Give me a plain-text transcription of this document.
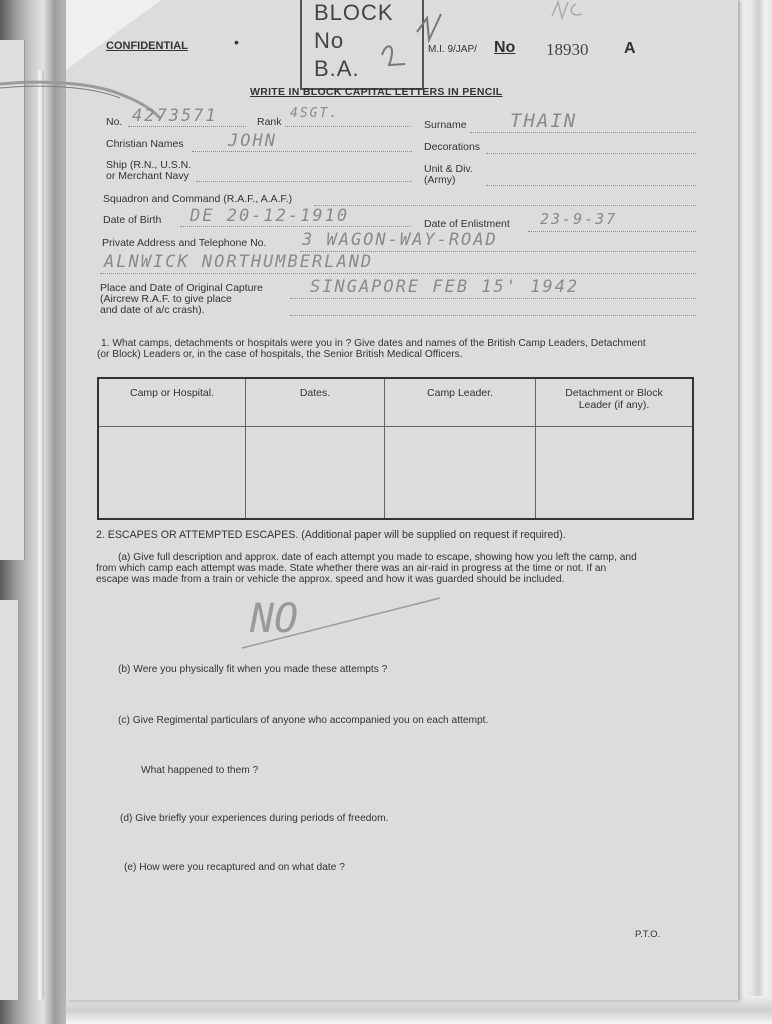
BLOCK
No
B.A.
CONFIDENTIAL	•	M.I. 9/JAP/ No 18930 A
WRITE IN BLOCK CAPITAL LETTERS IN PENCIL
No. 4273571	Rank
4SGT.
Surname THAIN
Christian Names	JOHN	Decorations
Ship (R.N., U.S.N.
or Merchant Navy
Unit & Div.
(Army)
Squadron and Command (R.A.F., A.A.F.)
Date of Birth DE 20-12-1910	Date of Enlistment 23-9-37
Private Address and Telephone No. 3 WAGON-WAY-ROAD
ALNWICK NORTHUMBERLAND
Place and Date of Original Capture
(Aircrew R.A.F. to give place
and date of a/c crash).
SINGAPORE FEB 15' 1942
1. What camps, detachments or hospitals were you in ? Give dates and names of the British Camp Leaders, Detachment
(or Block) Leaders or, in the case of hospitals, the Senior British Medical Officers.
Camp or Hospital.	Dates.	Camp Leader.	Detachment or Block Leader (if any).

2. ESCAPES OR ATTEMPTED ESCAPES. (Additional paper will be supplied on request if required).
(a) Give full description and approx. date of each attempt you made to escape, showing how you left the camp, and
from which camp each attempt was made. State whether there was an air-raid in progress at the time or not. If an
escape was made from a train or vehicle the approx. speed and how it was guarded should be included.
NO
(b) Were you physically fit when you made these attempts ?
(c) Give Regimental particulars of anyone who accompanied you on each attempt.
What happened to them ?
(d) Give briefly your experiences during periods of freedom.
(e) How were you recaptured and on what date ?
P.T.O.
